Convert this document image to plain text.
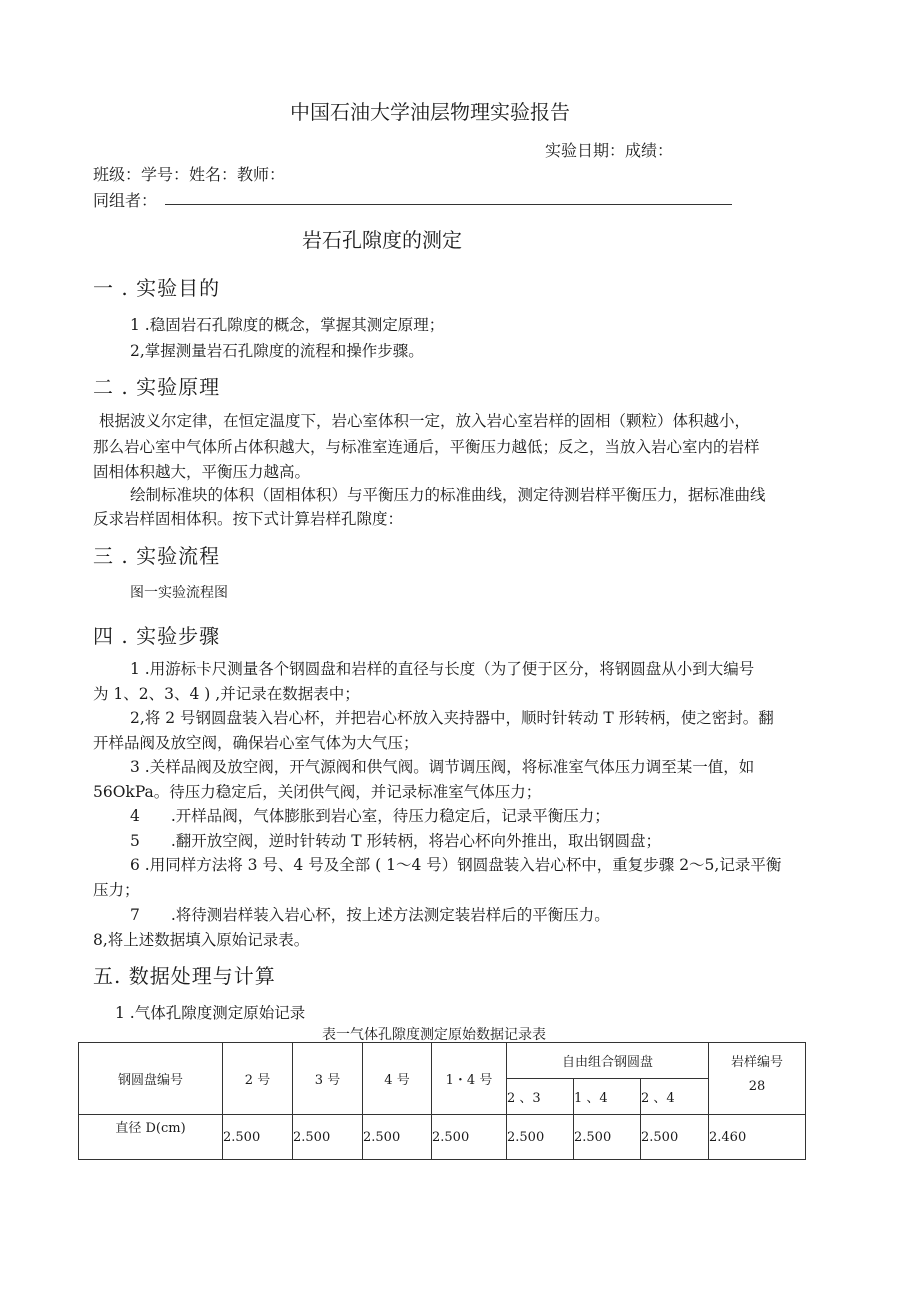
中国石油大学油层物理实验报告
实验日期：成绩：
班级：学号：姓名：教师：
同组者：
岩石孔隙度的测定
一 . 实验目的
1 .稳固岩石孔隙度的概念，掌握其测定原理；
2,掌握测量岩石孔隙度的流程和操作步骤。
二 . 实验原理
根据波义尔定律，在恒定温度下，岩心室体积一定，放入岩心室岩样的固相（颗粒）体积越小，
那么岩心室中气体所占体积越大，与标准室连通后，平衡压力越低；反之，当放入岩心室内的岩样
固相体积越大，平衡压力越高。
绘制标准块的体积（固相体积）与平衡压力的标准曲线，测定待测岩样平衡压力，据标准曲线
反求岩样固相体积。按下式计算岩样孔隙度：
三 . 实验流程
图一实验流程图
四 . 实验步骤
1 .用游标卡尺测量各个钢圆盘和岩样的直径与长度（为了便于区分，将钢圆盘从小到大编号
为 1、2、3、4 ) ,并记录在数据表中；
2,将 2 号钢圆盘装入岩心杯，并把岩心杯放入夹持器中，顺时针转动 T 形转柄，使之密封。翻
开样品阀及放空阀，确保岩心室气体为大气压；
3 .关样品阀及放空阀，开气源阀和供气阀。调节调压阀，将标准室气体压力调至某一值，如
56OkPa。待压力稳定后，关闭供气阀，并记录标准室气体压力；
4　　.开样品阀，气体膨胀到岩心室，待压力稳定后，记录平衡压力；
5　　.翻开放空阀，逆时针转动 T 形转柄，将岩心杯向外推出，取出钢圆盘；
6 .用同样方法将 3 号、4 号及全部 ( 1〜4 号）钢圆盘装入岩心杯中，重复步骤 2〜5,记录平衡
压力；
7　　.将待测岩样装入岩心杯，按上述方法测定装岩样后的平衡压力。
8,将上述数据填入原始记录表。
五. 数据处理与计算
1 .气体孔隙度测定原始记录
表一气体孔隙度测定原始数据记录表
钢圆盘编号	2 号	3 号	4 号	1・4 号	自由组合钢圆盘			岩样编号
					2 、3	1 、4	2 、4	28
直径 D(cm)	2.500	2.500	2.500	2.500	2.500	2.500	2.500	2.460
